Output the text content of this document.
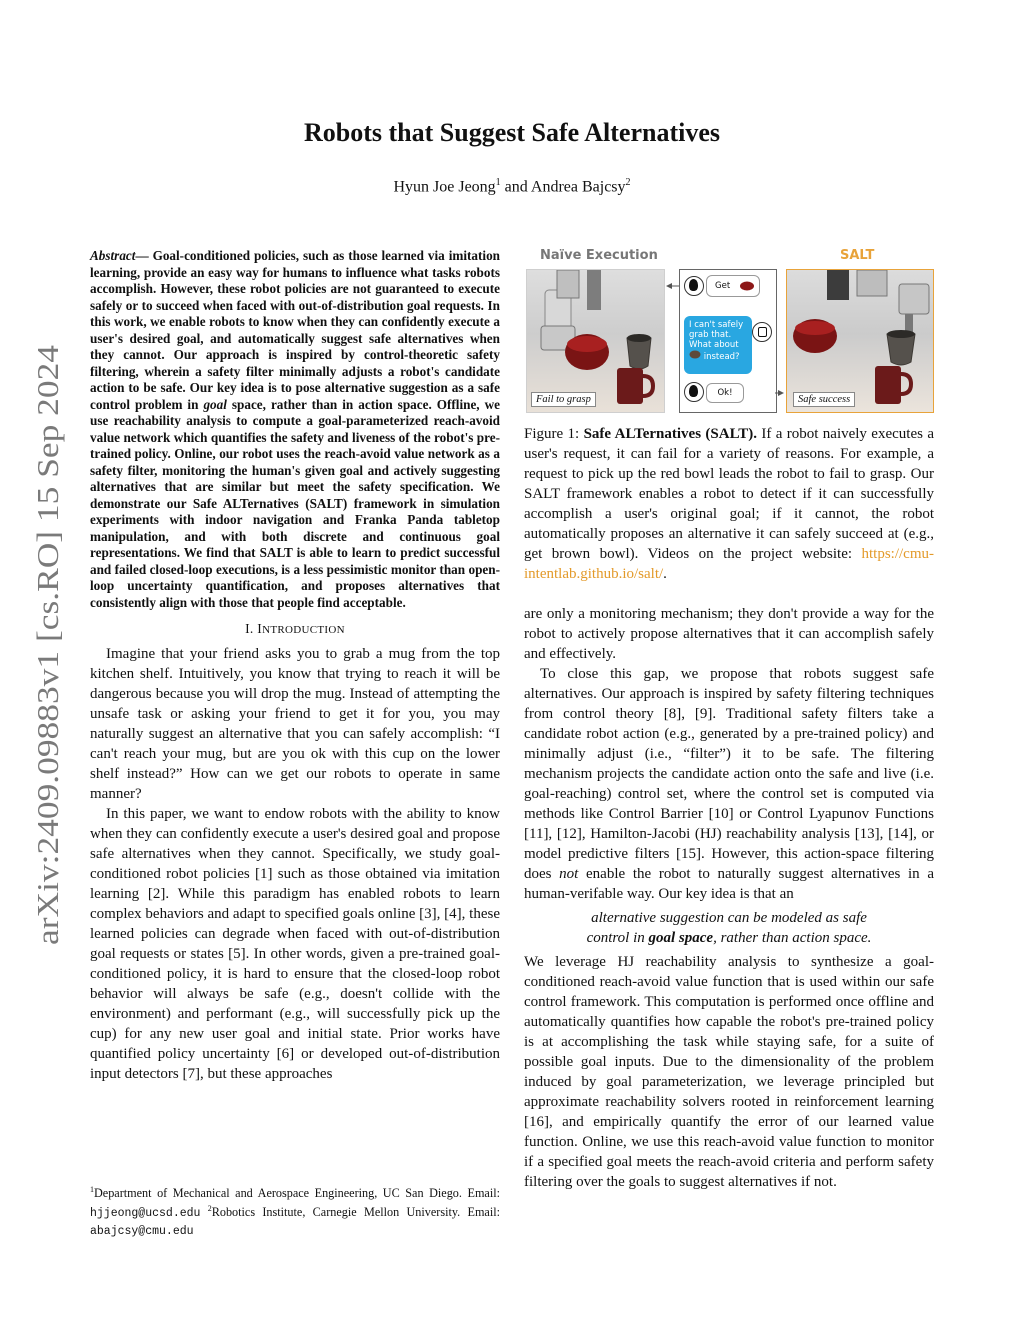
arXiv:2409.09883v1 [cs.RO] 15 Sep 2024
Robots that Suggest Safe Alternatives
Hyun Joe Jeong$^1$ and Andrea Bajcsy$^2$

Abstract— Goal-conditioned policies, such as those learned via imitation learning, provide an easy way for humans to influence what tasks robots accomplish. However, these robot policies are not guaranteed to execute safely or to succeed when faced with out-of-distribution goal requests. In this work, we enable robots to know when they can confidently execute a user's desired goal, and automatically suggest safe alternatives when they cannot. Our approach is inspired by control-theoretic safety filtering, wherein a safety filter minimally adjusts a robot's candidate action to be safe. Our key idea is to pose alternative suggestion as a safe control problem in goal space, rather than in action space. Offline, we use reachability analysis to compute a goal-parameterized reach-avoid value network which quantifies the safety and liveness of the robot's pre-trained policy. Online, our robot uses the reach-avoid value network as a safety filter, monitoring the human's given goal and actively suggesting alternatives that are similar but meet the safety specification. We demonstrate our Safe ALTernatives (SALT) framework in simulation experiments with indoor navigation and Franka Panda tabletop manipulation, and with both discrete and continuous goal representations. We find that SALT is able to learn to predict successful and failed closed-loop executions, is a less pessimistic monitor than open-loop uncertainty quantification, and proposes alternatives that consistently align with those that people find acceptable.

I. INTRODUCTION

Imagine that your friend asks you to grab a mug from the top kitchen shelf. Intuitively, you know that trying to reach it will be dangerous because you will drop the mug. Instead of attempting the unsafe task or asking your friend to get it for you, you may naturally suggest an alternative that you can safely accomplish: “I can't reach your mug, but are you ok with this cup on the lower shelf instead?” How can we get our robots to operate in same manner?

In this paper, we want to endow robots with the ability to know when they can confidently execute a user's desired goal and propose safe alternatives when they cannot. Specifically, we study goal-conditioned robot policies [1] such as those obtained via imitation learning [2]. While this paradigm has enabled robots to learn complex behaviors and adapt to specified goals online [3], [4], these learned policies can degrade when faced with out-of-distribution goal requests or states [5]. In other words, given a pre-trained goal-conditioned policy, it is hard to ensure that the closed-loop robot behavior will always be safe (e.g., doesn't collide with the environment) and performant (e.g., will successfully pick up the cup) for any new user goal and initial state. Prior works have quantified policy uncertainty [6] or developed out-of-distribution input detectors [7], but these approaches

$^1$Department of Mechanical and Aerospace Engineering, UC San Diego. Email: hjjeong@ucsd.edu $^2$Robotics Institute, Carnegie Mellon University. Email: abajcsy@cmu.edu
Naïve Execution	SALT
Fail to grasp
Get
I can't safely grab that. What about
instead?
Ok!
Safe success

Figure 1: Safe ALTernatives (SALT). If a robot naively executes a user's request, it can fail for a variety of reasons. For example, a request to pick up the red bowl leads the robot to fail to grasp. Our SALT framework enables a robot to detect if it can successfully accomplish a user's original goal; if it cannot, the robot automatically proposes an alternative it can safely succeed at (e.g., get brown bowl). Videos on the project website: https://cmu-intentlab.github.io/salt/.

are only a monitoring mechanism; they don't provide a way for the robot to actively propose alternatives that it can accomplish safely and effectively.

To close this gap, we propose that robots suggest safe alternatives. Our approach is inspired by safety filtering techniques from control theory [8], [9]. Traditional safety filters take a candidate robot action (e.g., generated by a pre-trained policy) and minimally adjust (i.e., “filter”) it to be safe. The filtering mechanism projects the candidate action onto the safe and live (i.e. goal-reaching) control set, where the control set is computed via methods like Control Barrier [10] or Control Lyapunov Functions [11], [12], Hamilton-Jacobi (HJ) reachability analysis [13], [14], or model predictive filters [15]. However, this action-space filtering does not enable the robot to naturally suggest alternatives in a human-verifable way. Our key idea is that an

alternative suggestion can be modeled as safe
control in goal space, rather than action space.

We leverage HJ reachability analysis to synthesize a goal-conditioned reach-avoid value function that is used within our safe control framework. This computation is performed once offline and automatically quantifies how capable the robot's pre-trained policy is at accomplishing the task while staying safe, for a suite of possible goal inputs. Due to the dimensionality of the problem induced by goal parameterization, we leverage principled but approximate reachability solvers rooted in reinforcement learning [16], and empirically quantify the error of our learned value function. Online, we use this reach-avoid value function to monitor if a specified goal meets the reach-avoid criteria and perform safety filtering over the goals to suggest alternatives if not.
